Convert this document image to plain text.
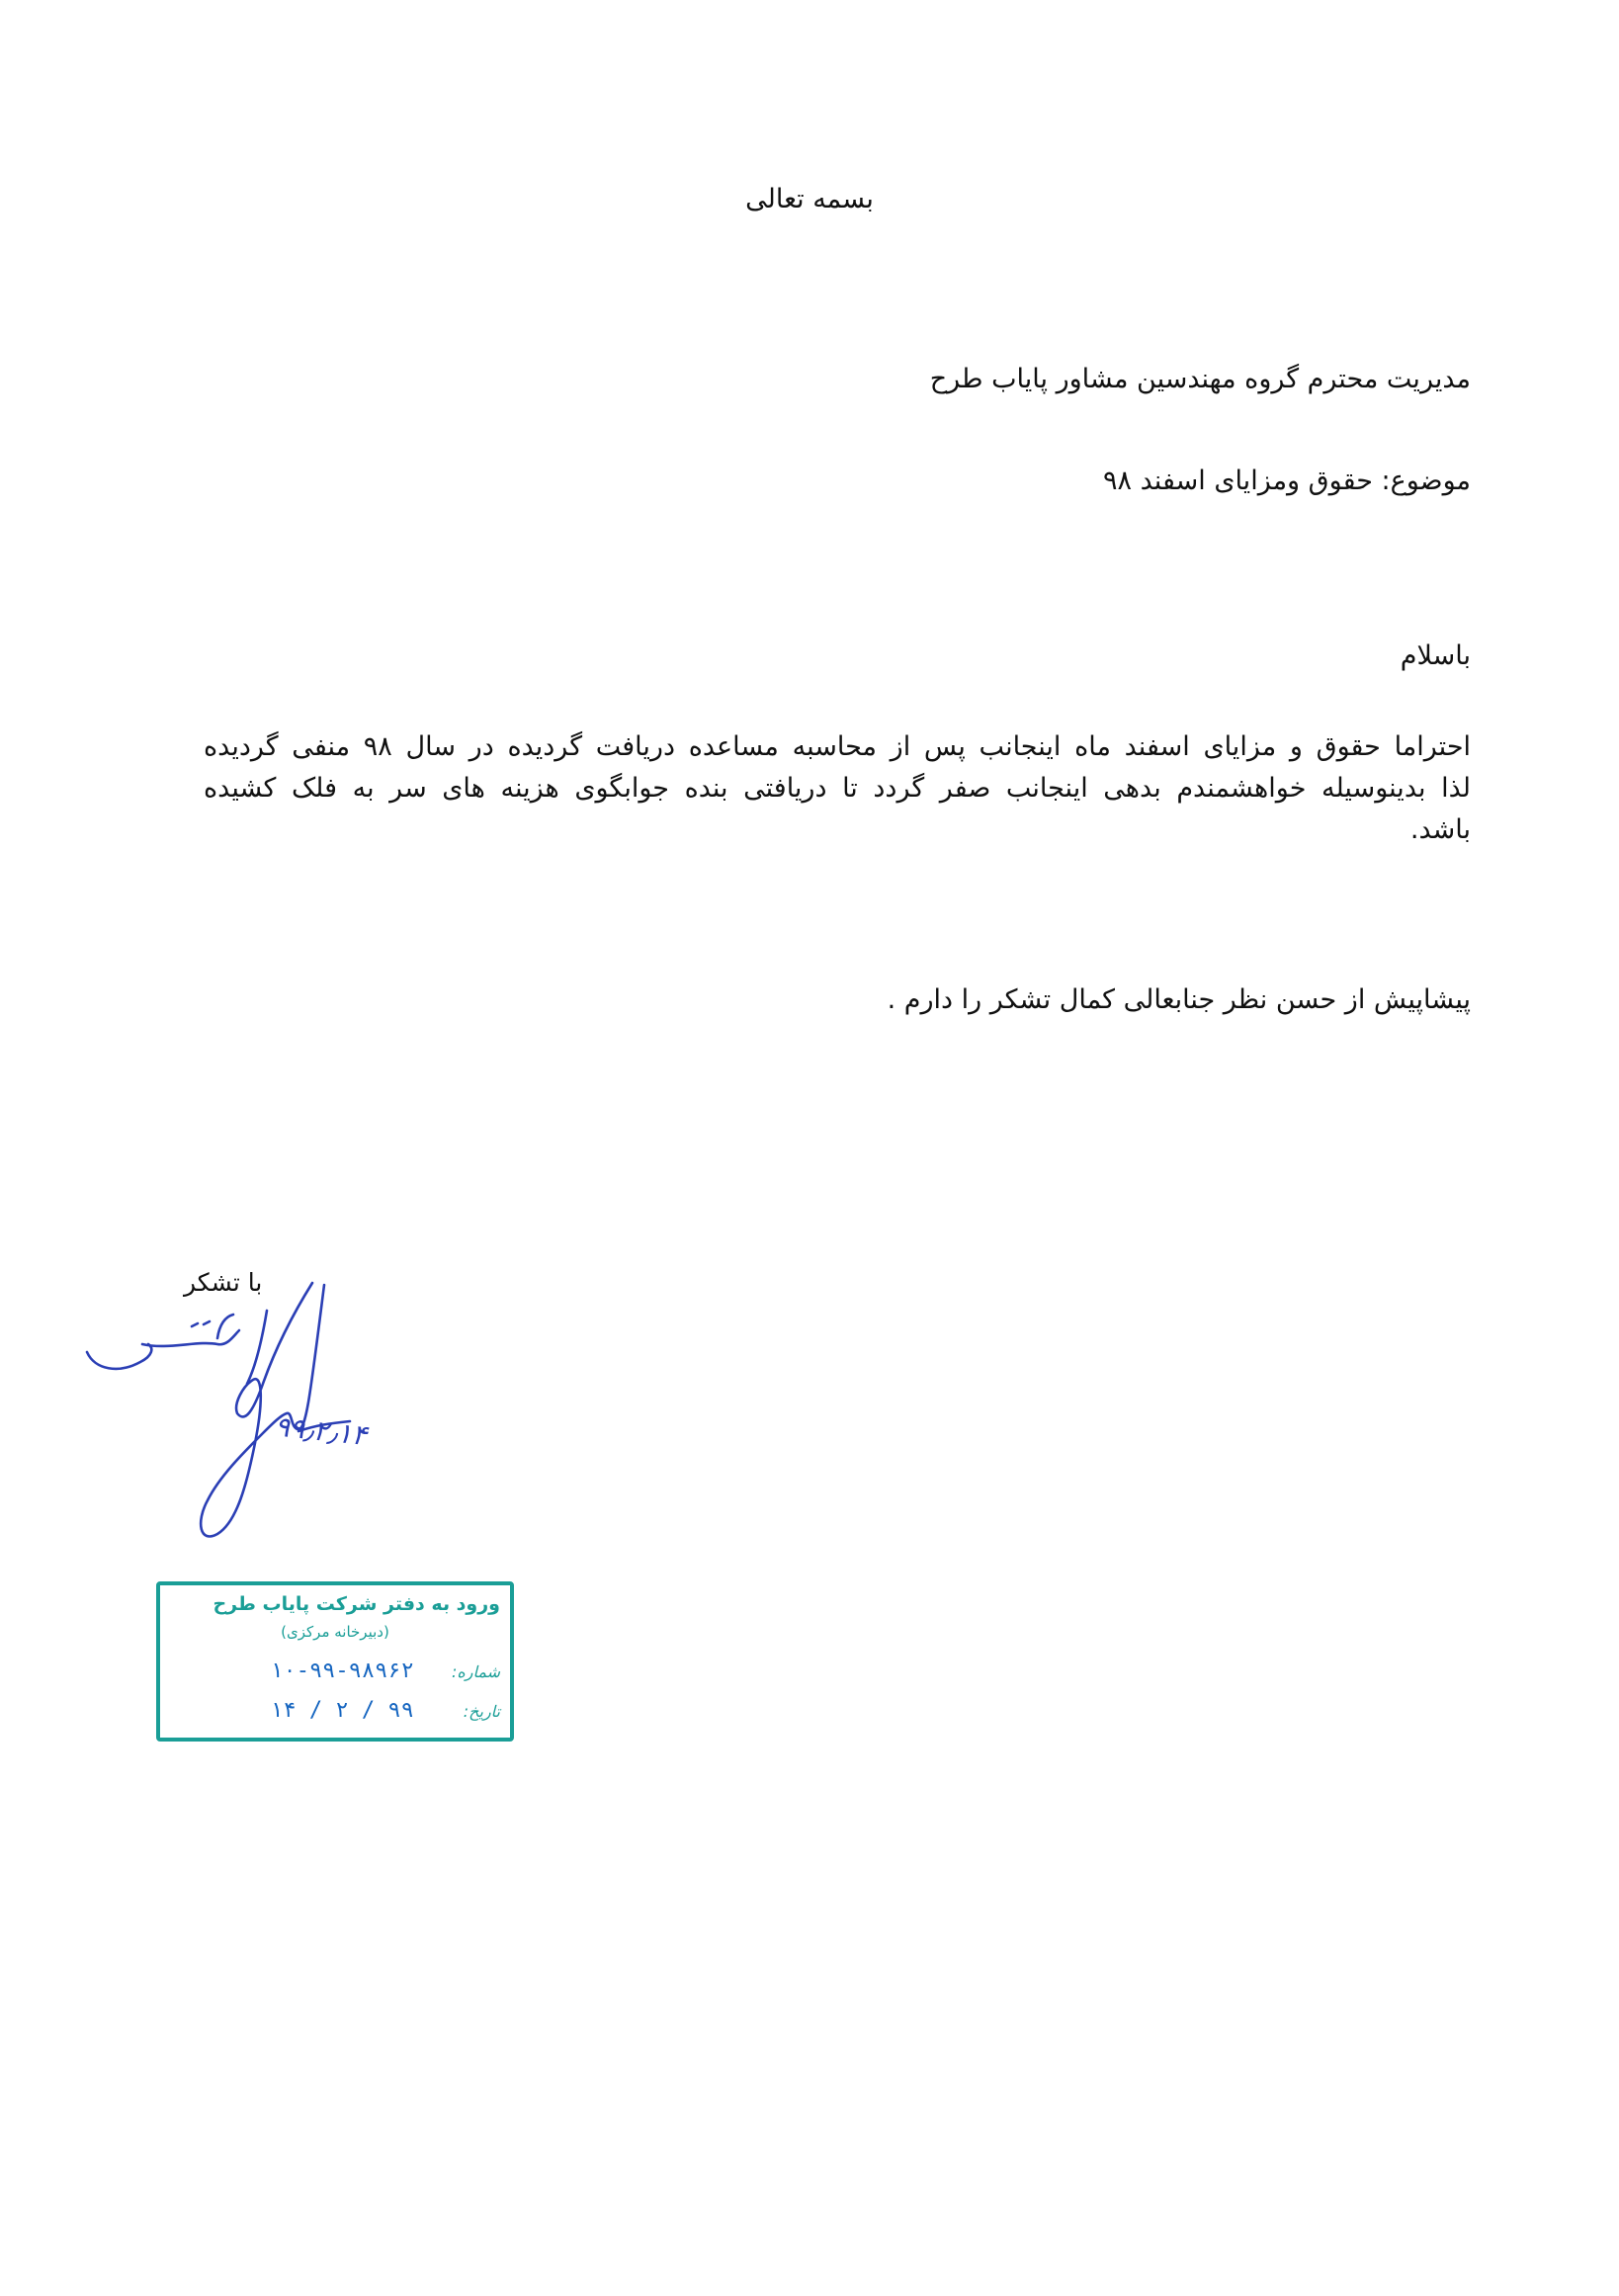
بسمه تعالی
مدیریت محترم گروه مهندسین مشاور پایاب طرح
موضوع: حقوق ومزایای اسفند ۹۸
باسلام
احتراما حقوق و مزایای اسفند ماه اینجانب پس از محاسبه مساعده دریافت گردیده در سال ۹۸ منفی گردیده
لذا بدینوسیله خواهشمندم بدهی اینجانب صفر گردد تا دریافتی بنده جوابگوی هزینه های سر به فلک کشیده
باشد.
پیشاپیش از حسن نظر جنابعالی کمال تشکر را دارم .
با تشکر
۹۹٫۲٫۱۴
ورود به دفتر شرکت پایاب طرح
(دبیرخانه مرکزی)
شماره: ۱۰-۹۹-۹۸۹۶۲
تاریخ: ۹۹ / ۲ / ۱۴
